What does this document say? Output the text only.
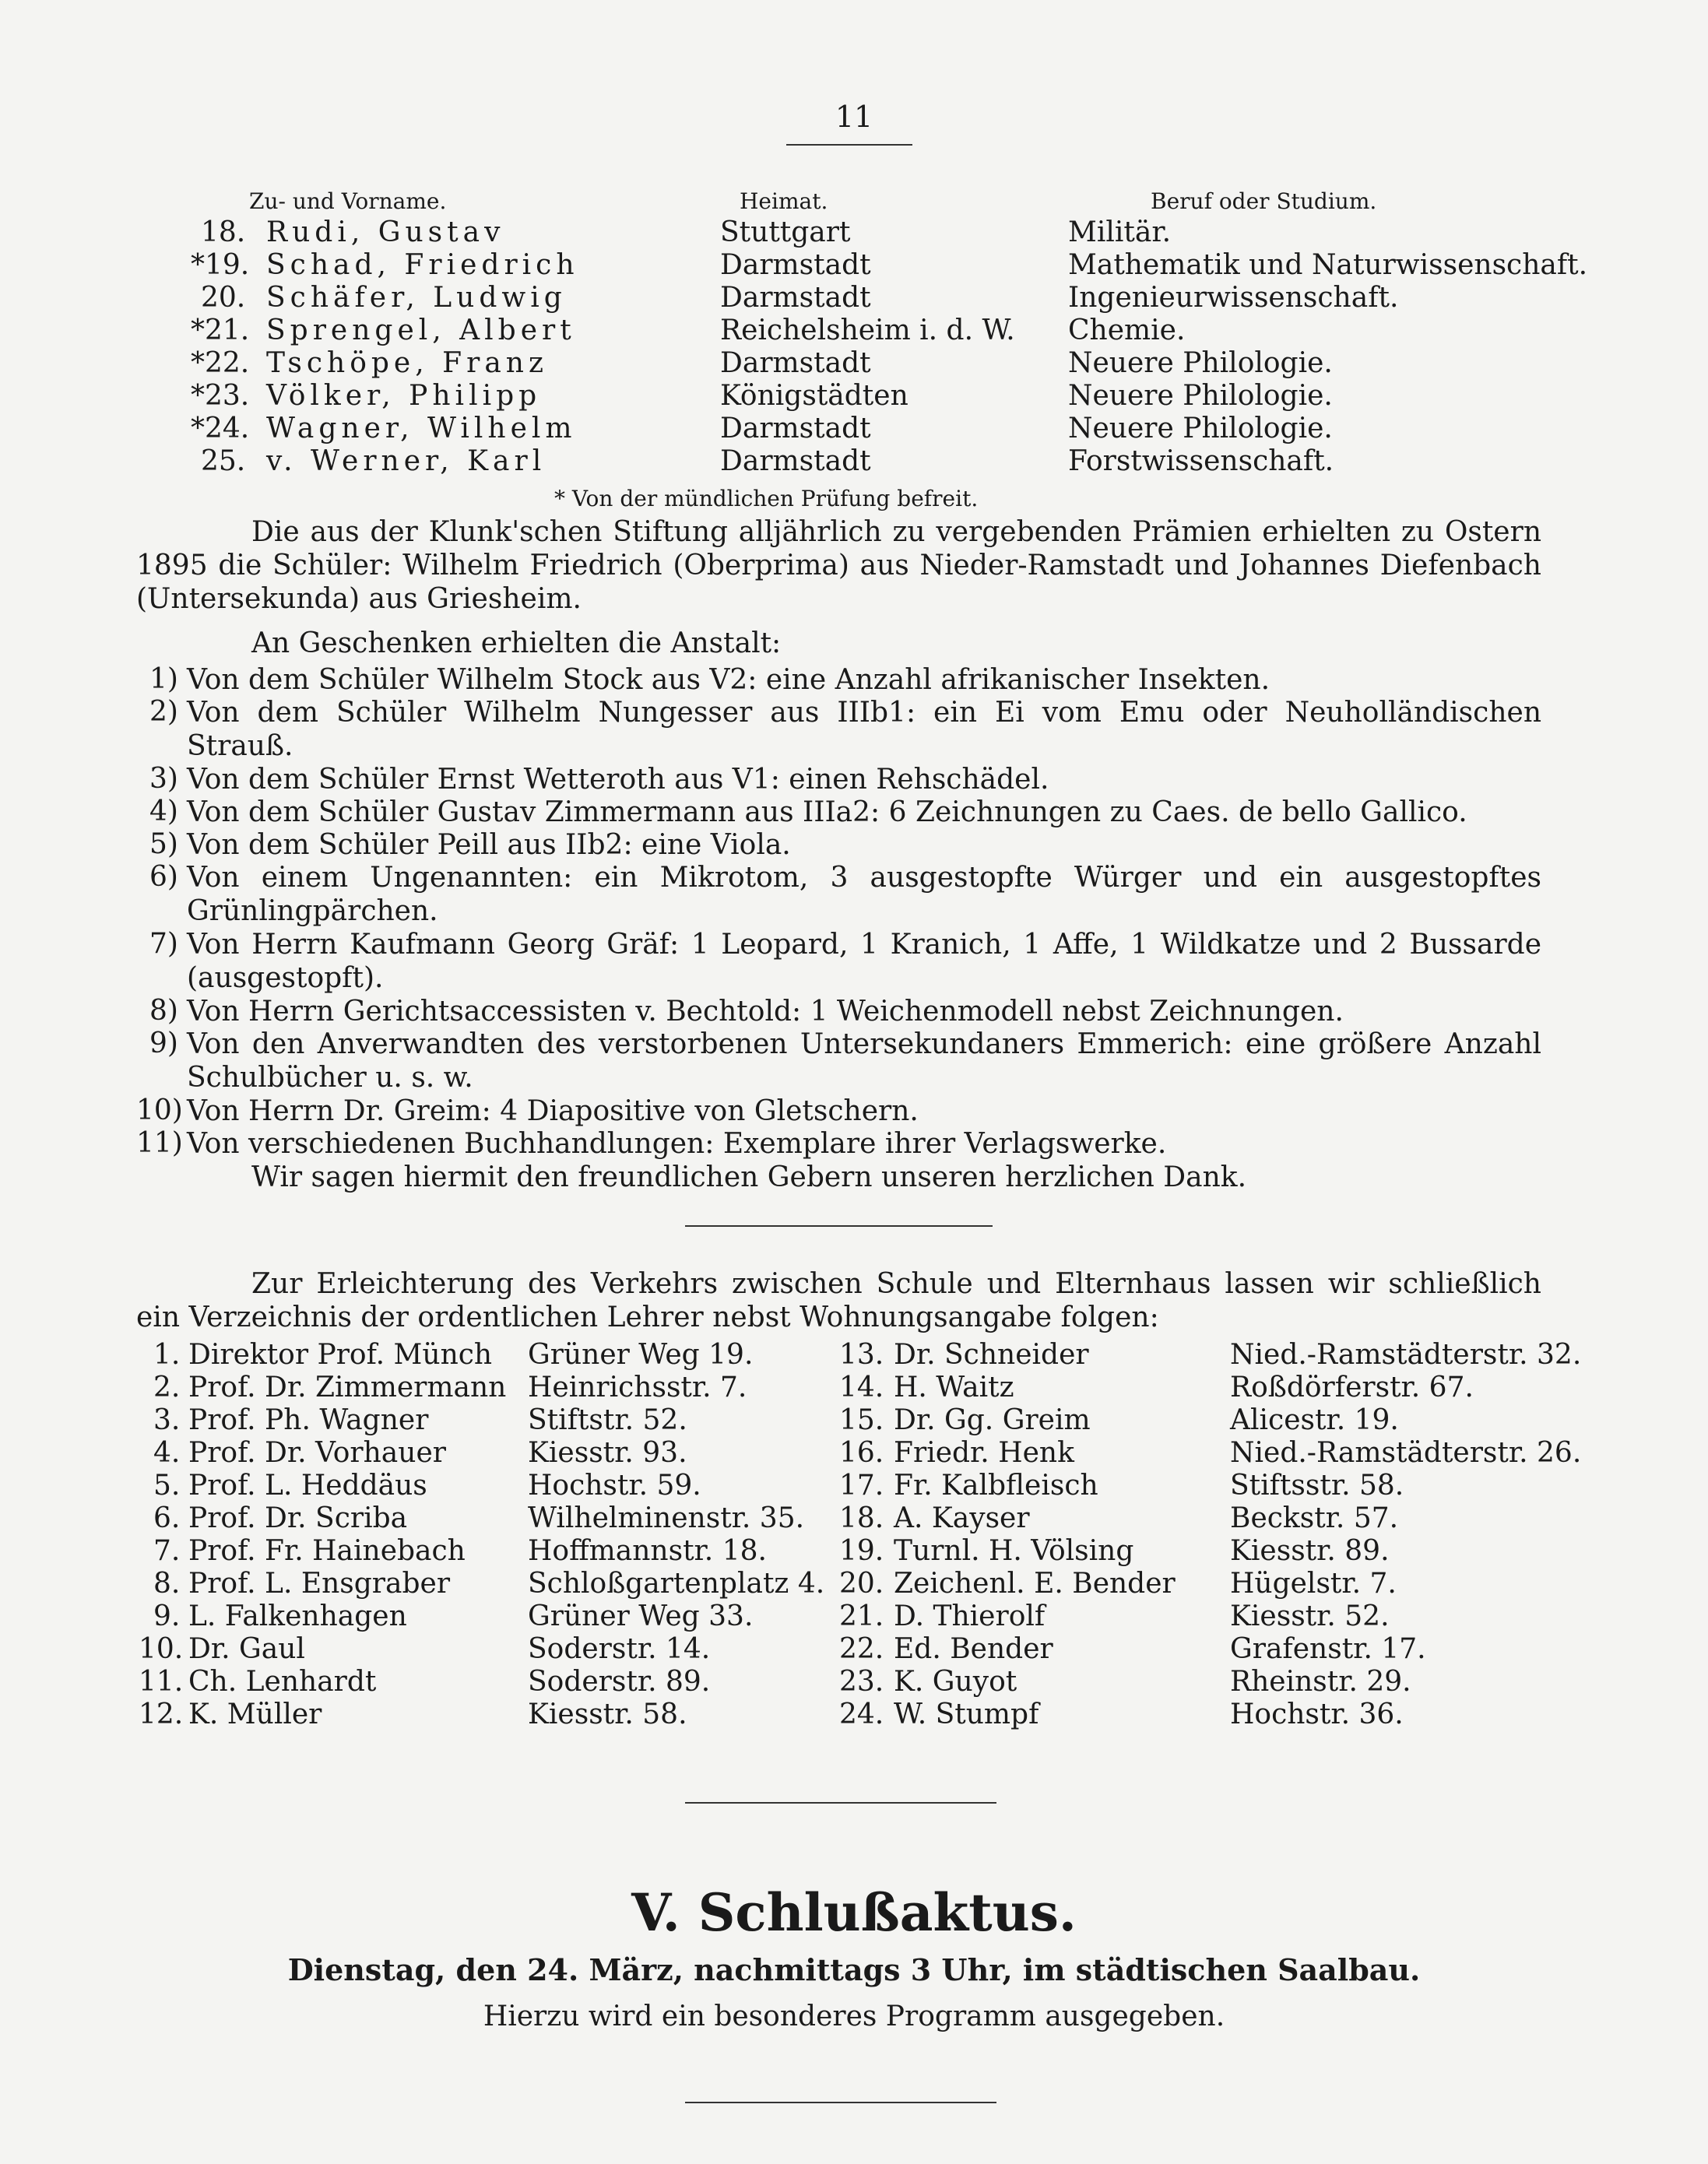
11
Zu- und Vorname.	Heimat.	Beruf oder Studium.
18. Rudi, Gustav	Stuttgart	Militär.
*19. Schad, Friedrich	Darmstadt	Mathematik und Naturwissenschaft.
20. Schäfer, Ludwig	Darmstadt	Ingenieurwissenschaft.
*21. Sprengel, Albert	Reichelsheim i. d. W. Chemie.
*22. Tschöpe, Franz	Darmstadt	Neuere Philologie.
*23. Völker, Philipp	Königstädten	Neuere Philologie.
*24. Wagner, Wilhelm	Darmstadt	Neuere Philologie.
25. v. Werner, Karl	Darmstadt	Forstwissenschaft.
* Von der mündlichen Prüfung befreit.
Die aus der Klunk'schen Stiftung alljährlich zu vergebenden Prämien erhielten zu Ostern 1895 die Schüler: Wilhelm Friedrich (Oberprima) aus Nieder-Ramstadt und Johannes Diefenbach (Untersekunda) aus Griesheim.
An Geschenken erhielten die Anstalt:
1) Von dem Schüler Wilhelm Stock aus V2: eine Anzahl afrikanischer Insekten.
2) Von dem Schüler Wilhelm Nungesser aus IIIb1: ein Ei vom Emu oder Neuholländischen Strauß.
3) Von dem Schüler Ernst Wetteroth aus V1: einen Rehschädel.
4) Von dem Schüler Gustav Zimmermann aus IIIa2: 6 Zeichnungen zu Caes. de bello Gallico.
5) Von dem Schüler Peill aus IIb2: eine Viola.
6) Von einem Ungenannten: ein Mikrotom, 3 ausgestopfte Würger und ein ausgestopftes Grünlingpärchen.
7) Von Herrn Kaufmann Georg Gräf: 1 Leopard, 1 Kranich, 1 Affe, 1 Wildkatze und 2 Bussarde (ausgestopft).
8) Von Herrn Gerichtsaccessisten v. Bechtold: 1 Weichenmodell nebst Zeichnungen.
9) Von den Anverwandten des verstorbenen Untersekundaners Emmerich: eine größere Anzahl Schulbücher u. s. w.
10) Von Herrn Dr. Greim: 4 Diapositive von Gletschern.
11) Von verschiedenen Buchhandlungen: Exemplare ihrer Verlagswerke.
Wir sagen hiermit den freundlichen Gebern unseren herzlichen Dank.
Zur Erleichterung des Verkehrs zwischen Schule und Elternhaus lassen wir schließlich ein Verzeichnis der ordentlichen Lehrer nebst Wohnungsangabe folgen:
1. Direktor Prof. Münch Grüner Weg 19.
2. Prof. Dr. Zimmermann Heinrichsstr. 7.
3. Prof. Ph. Wagner	Stiftstr. 52.
4. Prof. Dr. Vorhauer	Kiesstr. 93.
5. Prof. L. Heddäus	Hochstr. 59.
6. Prof. Dr. Scriba	Wilhelminenstr. 35.
7. Prof. Fr. Hainebach Hoffmannstr. 18.
8. Prof. L. Ensgraber	Schloßgartenplatz 4.
9. L. Falkenhagen	Grüner Weg 33.
10. Dr. Gaul	Soderstr. 14.
11. Ch. Lenhardt	Soderstr. 89.
12. K. Müller	Kiesstr. 58.
13. Dr. Schneider	Nied.-Ramstädterstr. 32.
14. H. Waitz	Roßdörferstr. 67.
15. Dr. Gg. Greim	Alicestr. 19.
16. Friedr. Henk	Nied.-Ramstädterstr. 26.
17. Fr. Kalbfleisch	Stiftsstr. 58.
18. A. Kayser	Beckstr. 57.
19. Turnl. H. Völsing	Kiesstr. 89.
20. Zeichenl. E. Bender Hügelstr. 7.
21. D. Thierolf	Kiesstr. 52.
22. Ed. Bender	Grafenstr. 17.
23. K. Guyot	Rheinstr. 29.
24. W. Stumpf	Hochstr. 36.
V. Schlußaktus.
Dienstag, den 24. März, nachmittags 3 Uhr, im städtischen Saalbau.
Hierzu wird ein besonderes Programm ausgegeben.
